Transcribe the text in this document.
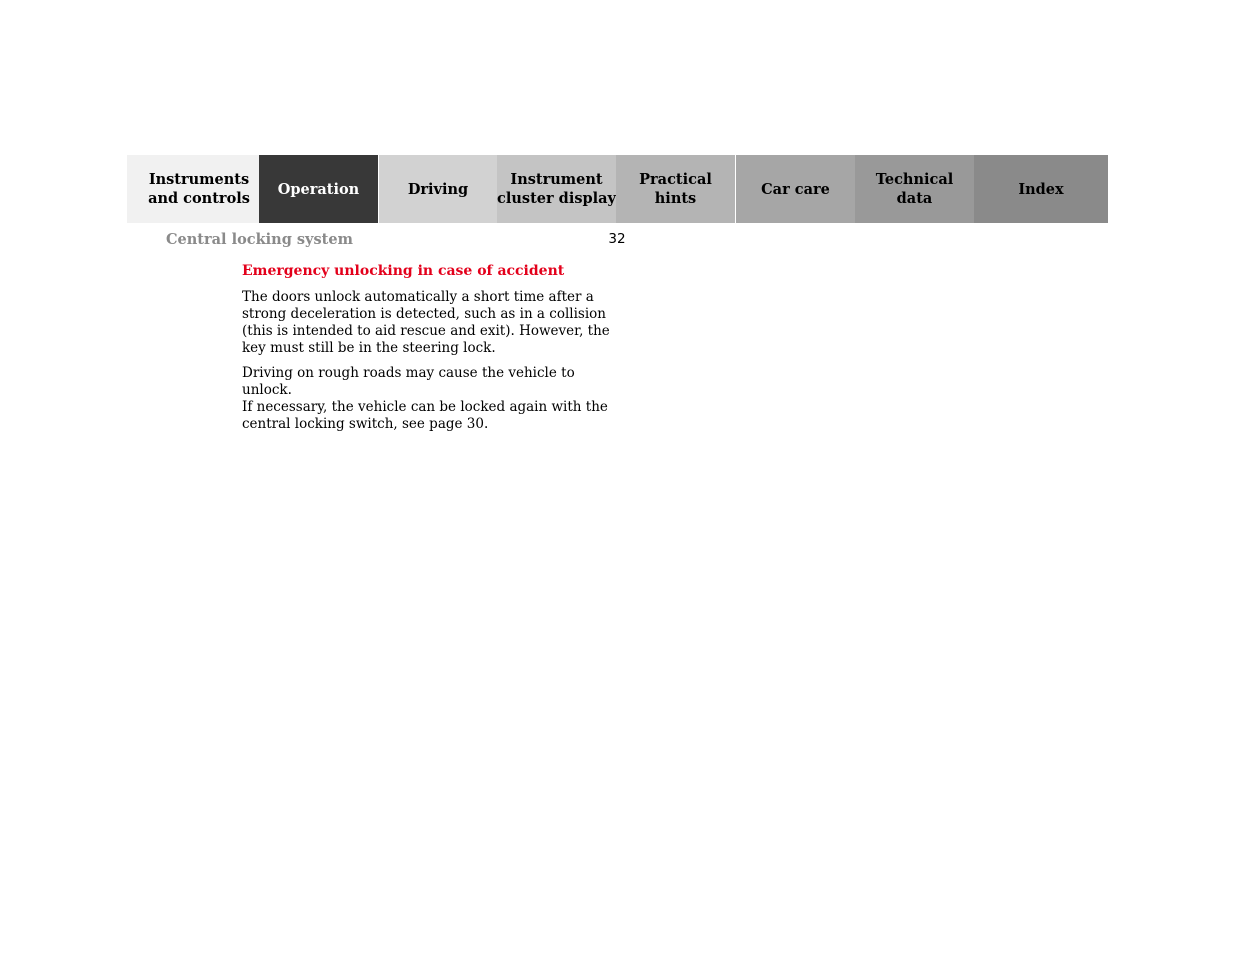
Instruments
and controls
Operation	Driving
Instrument
cluster display
Practical hints
Car care
Technical
data
Index
Central locking system	32
Emergency unlocking in case of accident

The doors unlock automatically a short time after a
strong deceleration is detected, such as in a collision
(this is intended to aid rescue and exit). However, the
key must still be in the steering lock.

Driving on rough roads may cause the vehicle to unlock.
If necessary, the vehicle can be locked again with the
central locking switch, see page 30.
